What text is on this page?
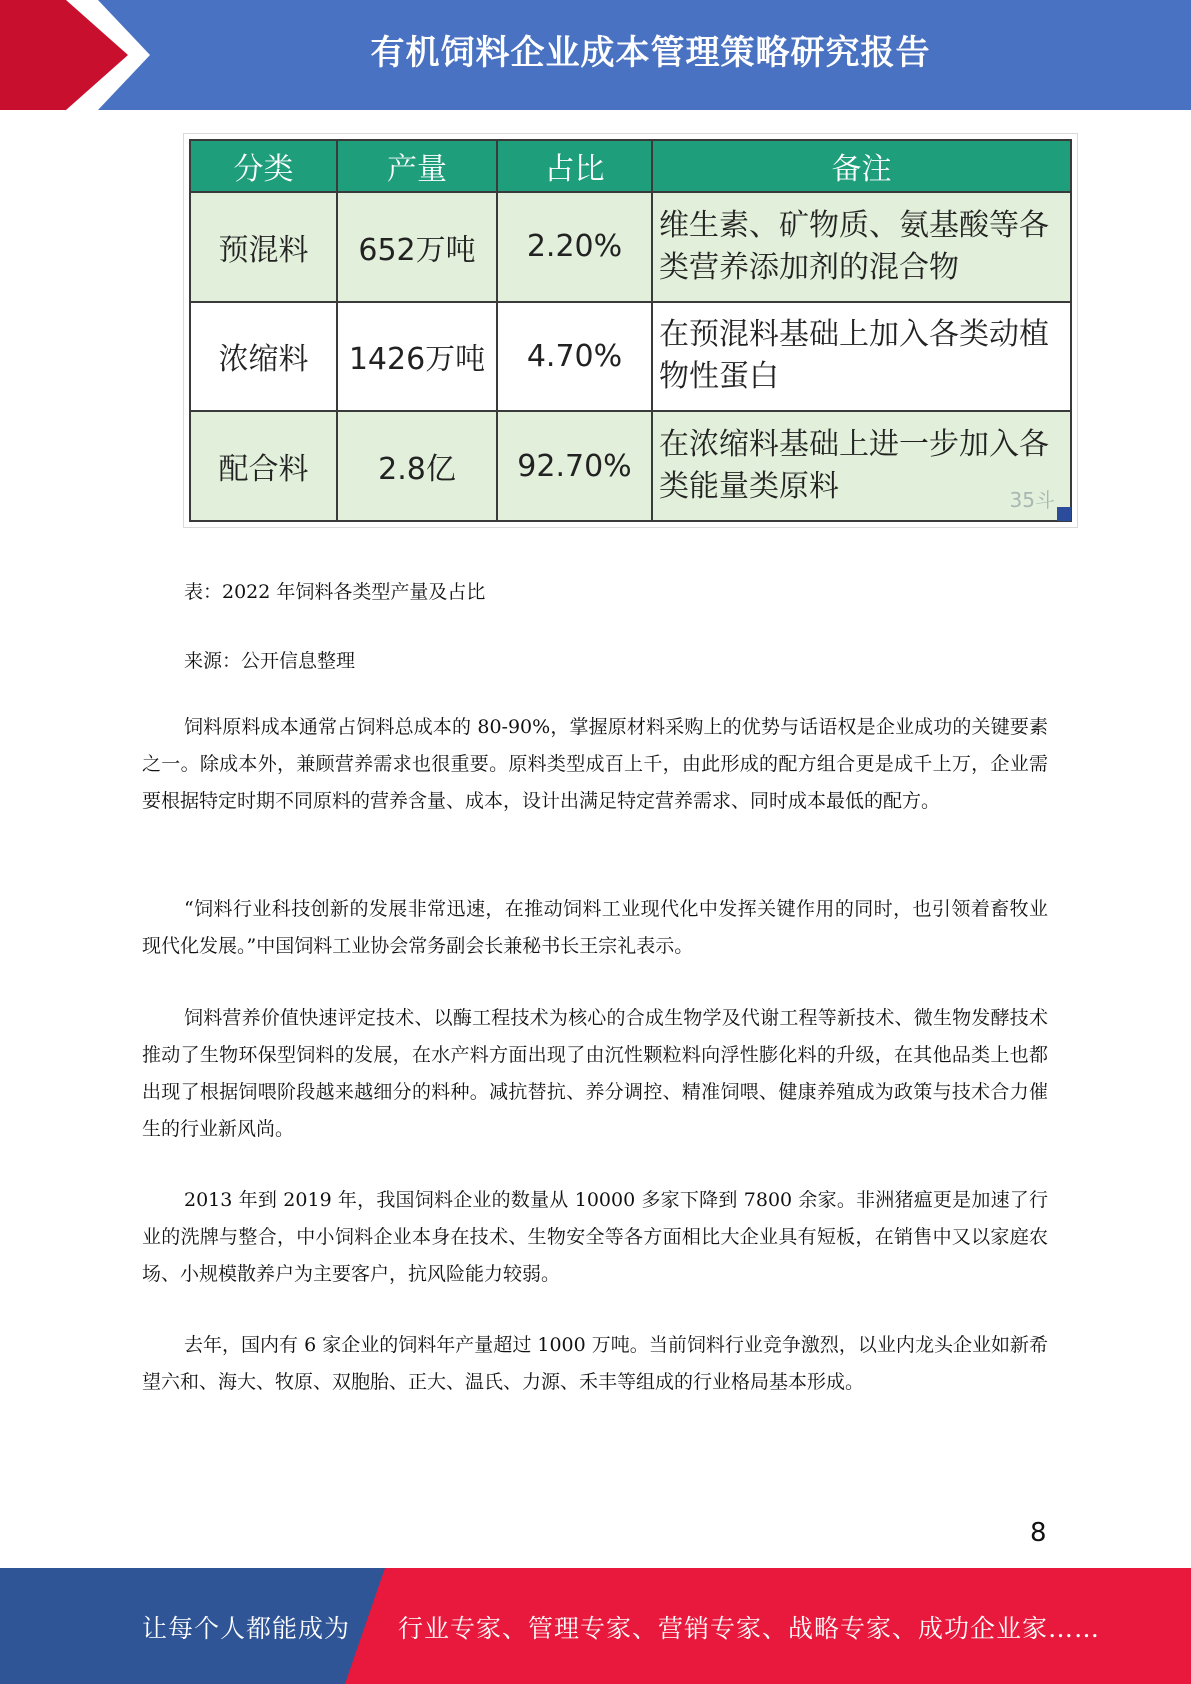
有机饲料企业成本管理策略研究报告
分类	产量	占比	备注
预混料	652万吨	2.20%	维生素、矿物质、氨基酸等各类营养添加剂的混合物
浓缩料	1426万吨	4.70%	在预混料基础上加入各类动植物性蛋白
配合料	2.8亿	92.70%	在浓缩料基础上进一步加入各类能量类原料	35斗
表：2022 年饲料各类型产量及占比
来源：公开信息整理

饲料原料成本通常占饲料总成本的 80-90%，掌握原材料采购上的优势与话语权是企业成功的关键要素之一。除成本外，兼顾营养需求也很重要。原料类型成百上千，由此形成的配方组合更是成千上万，企业需要根据特定时期不同原料的营养含量、成本，设计出满足特定营养需求、同时成本最低的配方。

“饲料行业科技创新的发展非常迅速，在推动饲料工业现代化中发挥关键作用的同时，也引领着畜牧业现代化发展。”中国饲料工业协会常务副会长兼秘书长王宗礼表示。

饲料营养价值快速评定技术、以酶工程技术为核心的合成生物学及代谢工程等新技术、微生物发酵技术推动了生物环保型饲料的发展，在水产料方面出现了由沉性颗粒料向浮性膨化料的升级，在其他品类上也都出现了根据饲喂阶段越来越细分的料种。减抗替抗、养分调控、精准饲喂、健康养殖成为政策与技术合力催生的行业新风尚。

2013 年到 2019 年，我国饲料企业的数量从 10000 多家下降到 7800 余家。非洲猪瘟更是加速了行业的洗牌与整合，中小饲料企业本身在技术、生物安全等各方面相比大企业具有短板，在销售中又以家庭农场、小规模散养户为主要客户，抗风险能力较弱。

去年，国内有 6 家企业的饲料年产量超过 1000 万吨。当前饲料行业竞争激烈，以业内龙头企业如新希望六和、海大、牧原、双胞胎、正大、温氏、力源、禾丰等组成的行业格局基本形成。

8
让每个人都能成为 行业专家、管理专家、营销专家、战略专家、成功企业家……
